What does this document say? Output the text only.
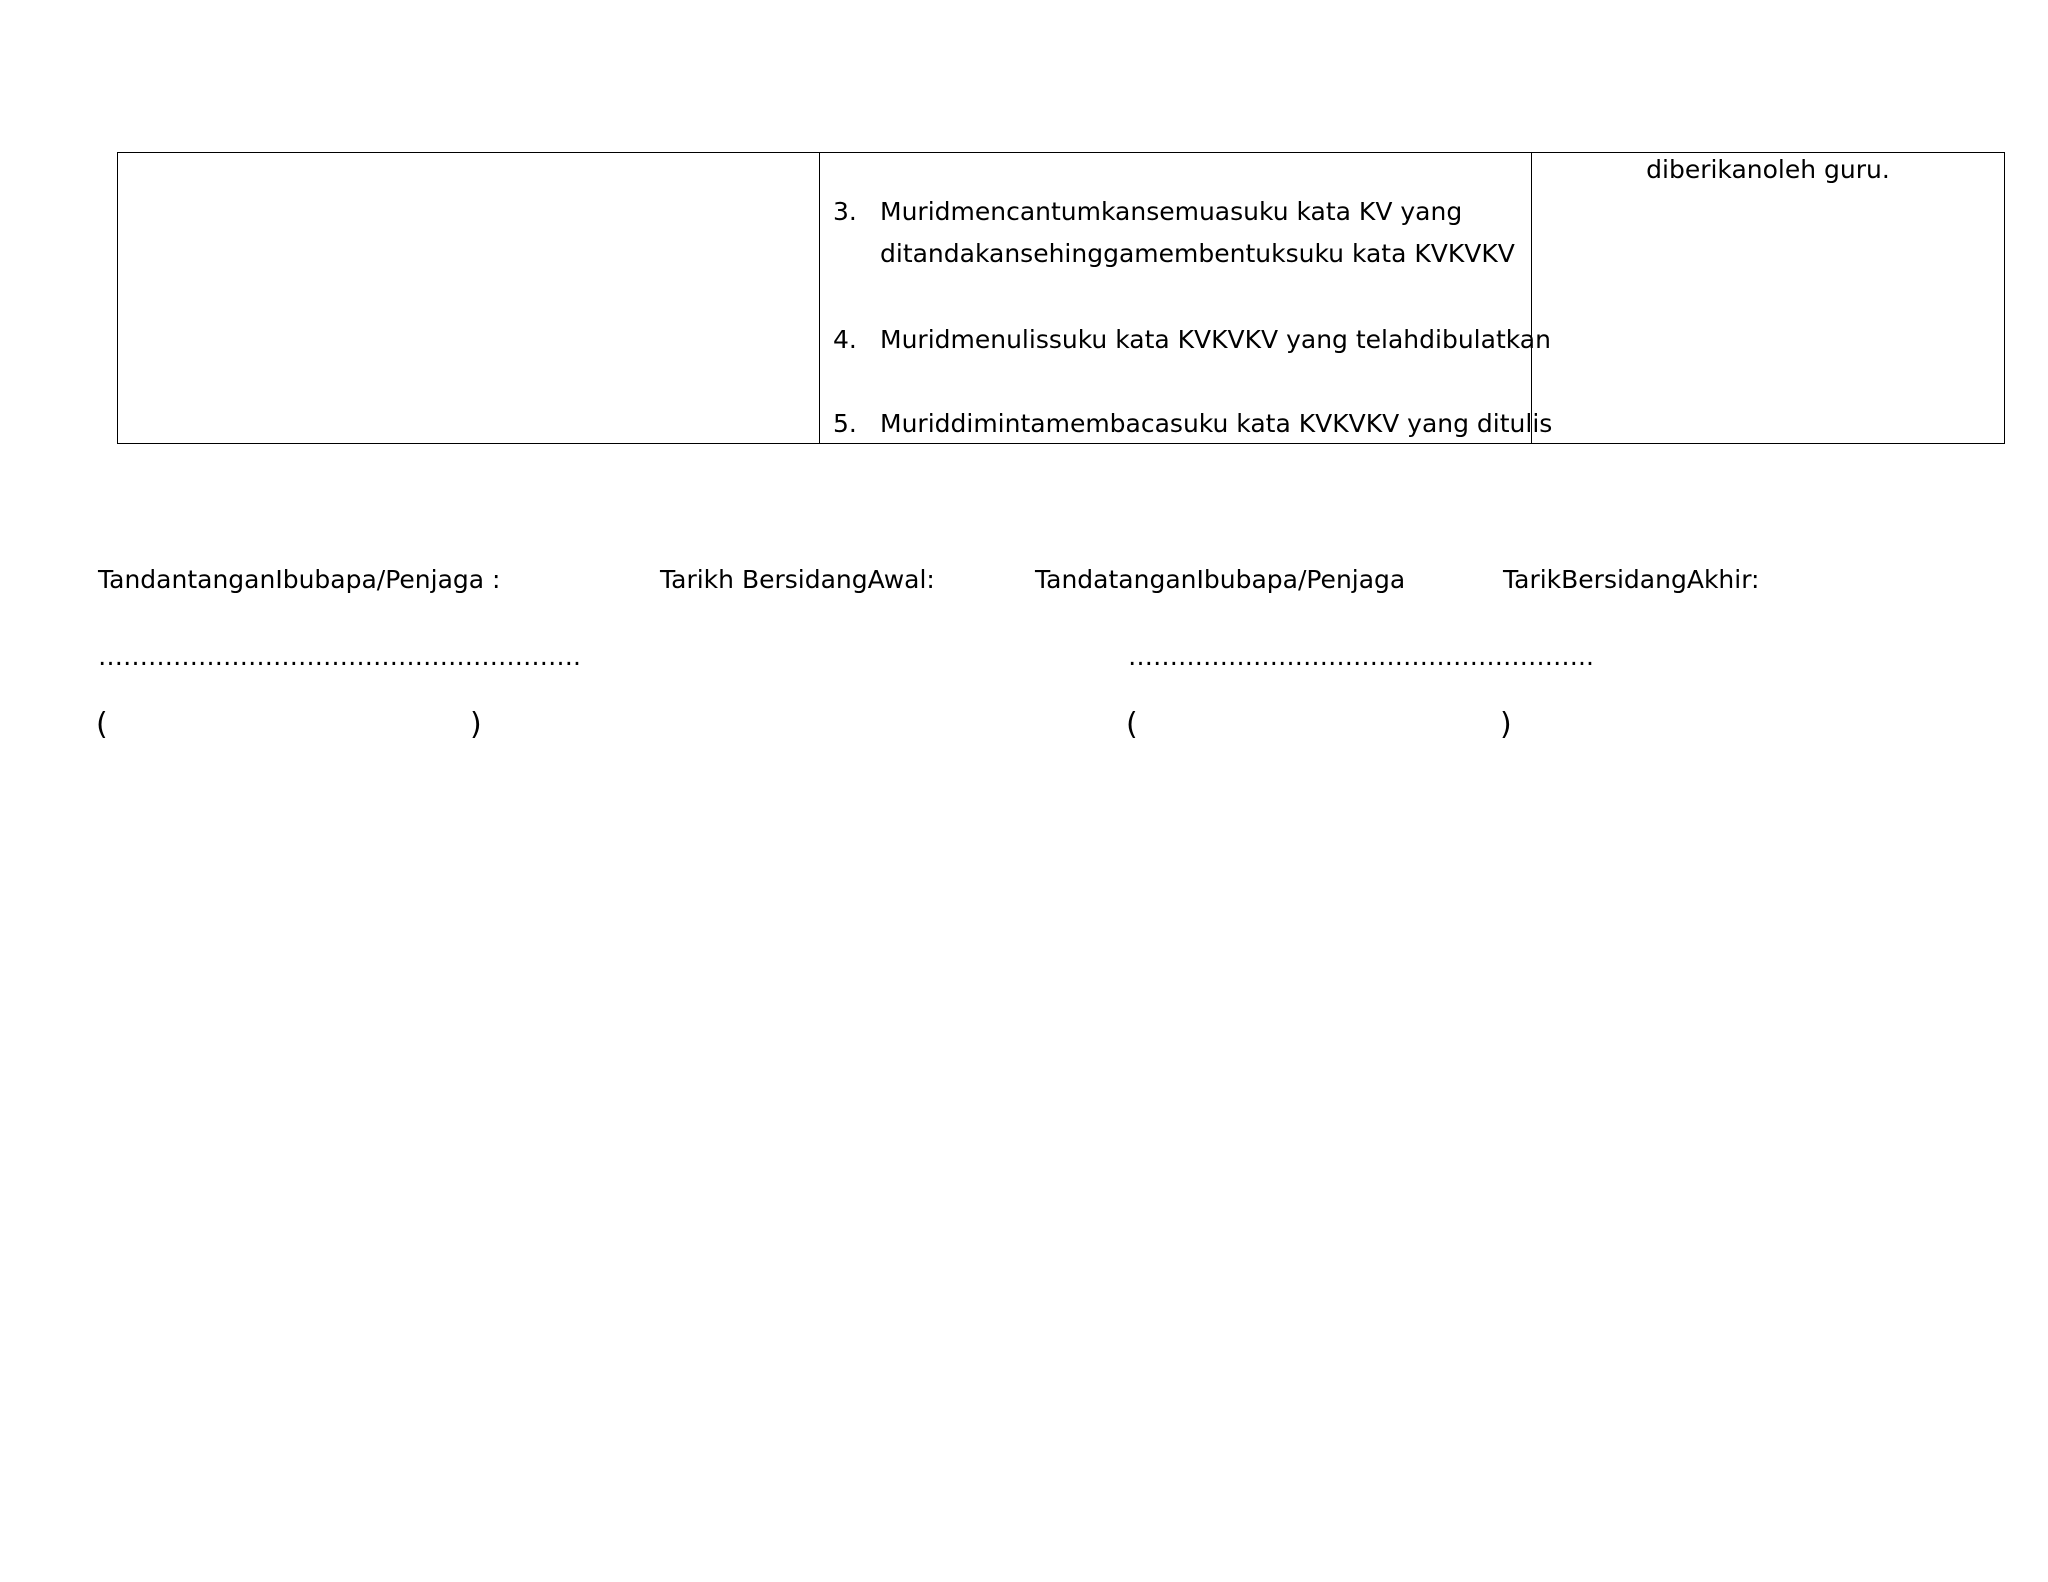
3. Muridmencantumkansemuasuku kata KV yang
ditandakansehinggamembentuksuku kata KVKVKV
4. Muridmenulissuku kata KVKVKV yang telahdibulatkan
5. Muriddimintamembacasuku kata KVKVKV yang ditulis

diberikanoleh guru.
TandantanganIbubapa/Penjaga :	Tarikh BersidangAwal:	TandatanganIbubapa/Penjaga	TarikBersidangAkhir:
………………………………………………….	………………………………………………..
(	)	(	)
